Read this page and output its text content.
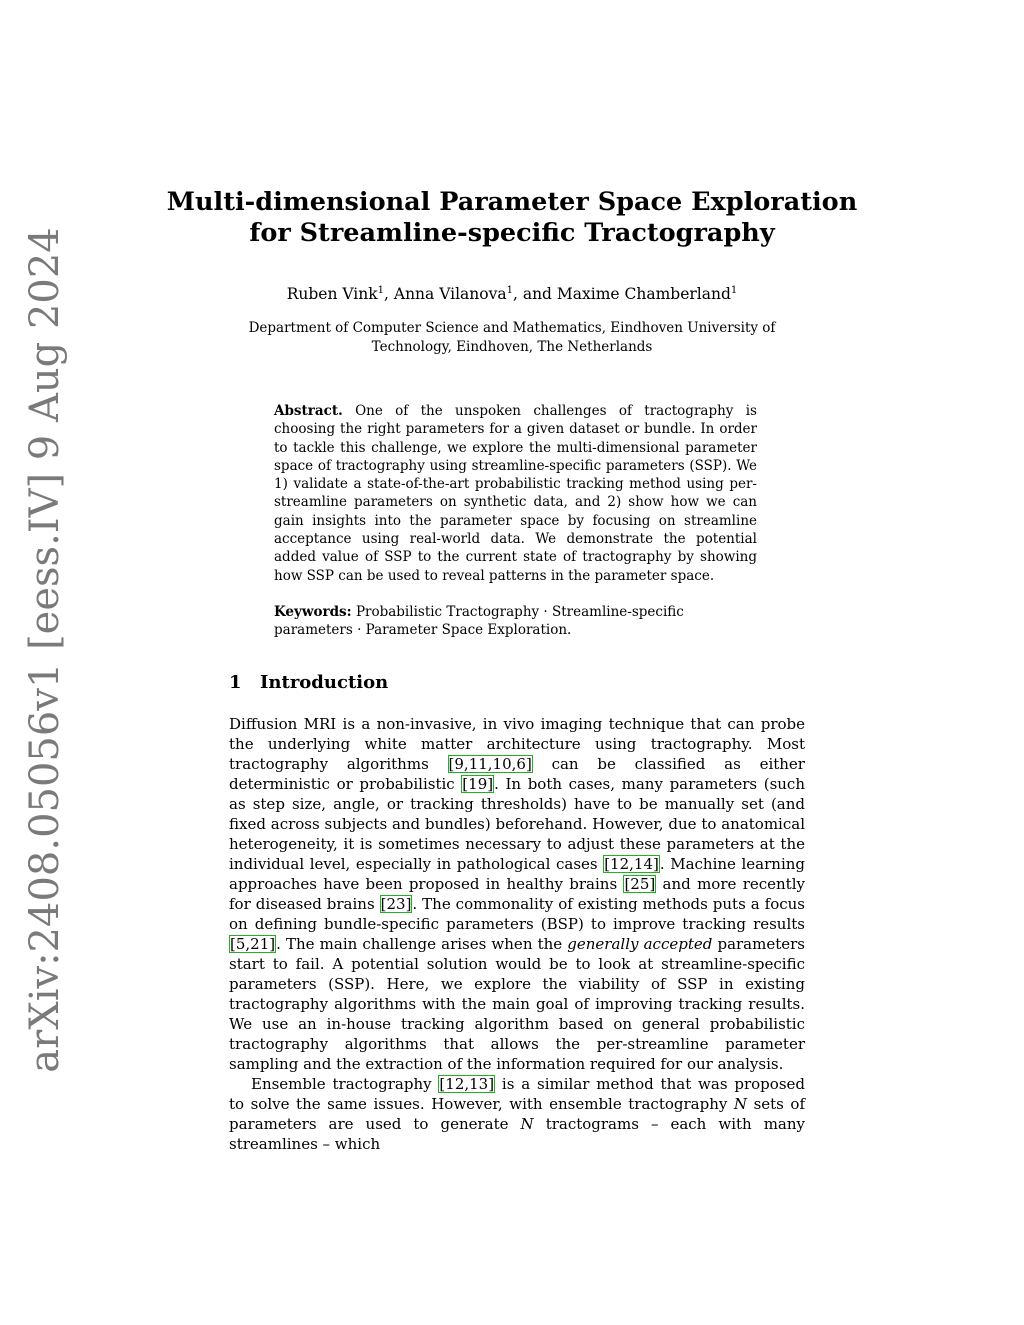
arXiv:2408.05056v1 [eess.IV] 9 Aug 2024
Multi-dimensional Parameter Space Exploration
for Streamline-specific Tractography
Ruben Vink$^1$, Anna Vilanova$^1$, and Maxime Chamberland$^1$
Department of Computer Science and Mathematics, Eindhoven University of
Technology, Eindhoven, The Netherlands
Abstract. One of the unspoken challenges of tractography is choosing the right parameters for a given dataset or bundle. In order to tackle this challenge, we explore the multi-dimensional parameter space of tractography using streamline-specific parameters (SSP). We 1) validate a state-of-the-art probabilistic tracking method using per-streamline parameters on synthetic data, and 2) show how we can gain insights into the parameter space by focusing on streamline acceptance using real-world data. We demonstrate the potential added value of SSP to the current state of tractography by showing how SSP can be used to reveal patterns in the parameter space.
Keywords: Probabilistic Tractography · Streamline-specific parameters · Parameter Space Exploration.
1 Introduction

Diffusion MRI is a non-invasive, in vivo imaging technique that can probe the underlying white matter architecture using tractography. Most tractography algorithms [9,11,10,6] can be classified as either deterministic or probabilistic [19]. In both cases, many parameters (such as step size, angle, or tracking thresholds) have to be manually set (and fixed across subjects and bundles) beforehand. However, due to anatomical heterogeneity, it is sometimes necessary to adjust these parameters at the individual level, especially in pathological cases [12,14]. Machine learning approaches have been proposed in healthy brains [25] and more recently for diseased brains [23]. The commonality of existing methods puts a focus on defining bundle-specific parameters (BSP) to improve tracking results [5,21]. The main challenge arises when the generally accepted parameters start to fail. A potential solution would be to look at streamline-specific parameters (SSP). Here, we explore the viability of SSP in existing tractography algorithms with the main goal of improving tracking results. We use an in-house tracking algorithm based on general probabilistic tractography algorithms that allows the per-streamline parameter sampling and the extraction of the information required for our analysis.

Ensemble tractography [12,13] is a similar method that was proposed to solve the same issues. However, with ensemble tractography N sets of parameters are used to generate N tractograms – each with many streamlines – which
